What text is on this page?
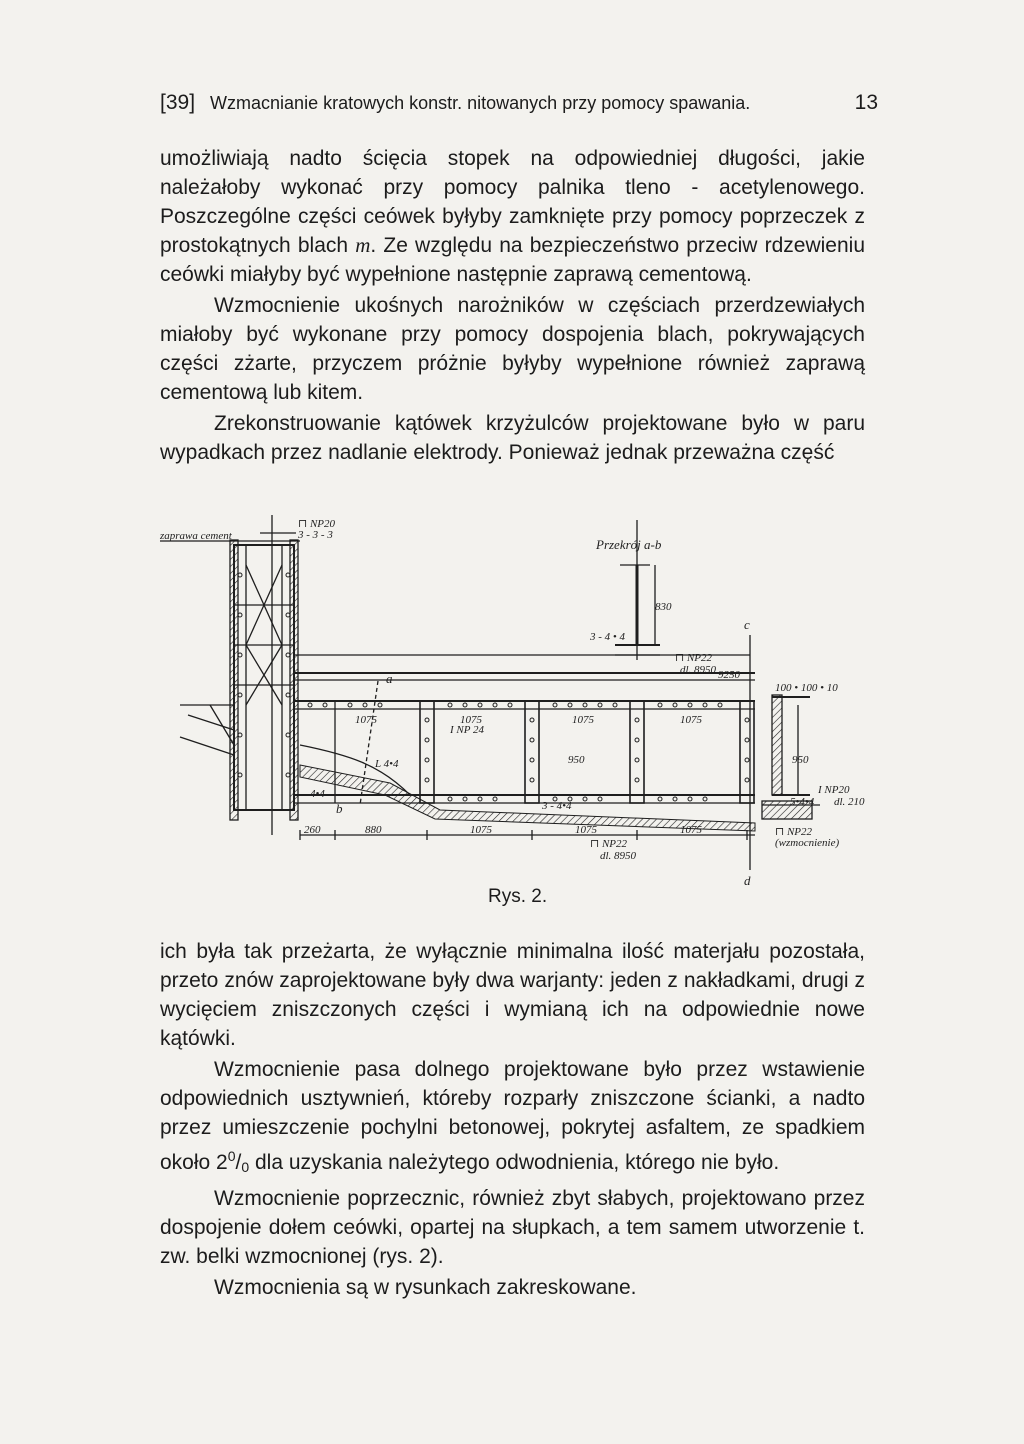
[39] Wzmacnianie kratowych konstr. nitowanych przy pomocy spawania.	13

umożliwiają nadto ścięcia stopek na odpowiedniej długości, jakie należałoby wykonać przy pomocy palnika tleno - acetylenowego. Poszczególne części ceówek byłyby zamknięte przy pomocy poprzeczek z prostokątnych blach m. Ze względu na bezpieczeństwo przeciw rdzewieniu ceówki miałyby być wypełnione następnie zaprawą cementową.

Wzmocnienie ukośnych narożników w częściach przerdzewiałych miałoby być wykonane przy pomocy dospojenia blach, pokrywających części zżarte, przyczem próżnie byłyby wypełnione również zaprawą cementową lub kitem.

Zrekonstruowanie kątówek krzyżulców projektowane było w paru wypadkach przez nadlanie elektrody. Ponieważ jednak przeważna część

zaprawa cement
⊓ NP20
3 - 3 - 3
Przekrój a-b
830
3 - 4 • 4
⊓ NP22
dl. 8950 9250
c
d
a
b
100 • 100 • 10
1075	1075	1075	1075
I NP 24
950	950
L 4•4
4•4	I NP20
5•4•4 dl. 210
⊓ NP22
(wzmocnienie)
3 - 4•4
260	880	1075	1075	1075
⊓ NP22
dl. 8950
Rys. 2.

ich była tak przeżarta, że wyłącznie minimalna ilość materjału pozostała, przeto znów zaprojektowane były dwa warjanty: jeden z nakładkami, drugi z wycięciem zniszczonych części i wymianą ich na odpowiednie nowe kątówki.

Wzmocnienie pasa dolnego projektowane było przez wstawienie odpowiednich usztywnień, któreby rozparły zniszczone ścianki, a nadto przez umieszczenie pochylni betonowej, pokrytej asfaltem, ze spadkiem około $2^0/_0$ dla uzyskania należytego odwodnienia, którego nie było.

Wzmocnienie poprzecznic, również zbyt słabych, projektowano przez dospojenie dołem ceówki, opartej na słupkach, a tem samem utworzenie t. zw. belki wzmocnionej (rys. 2).

Wzmocnienia są w rysunkach zakreskowane.
